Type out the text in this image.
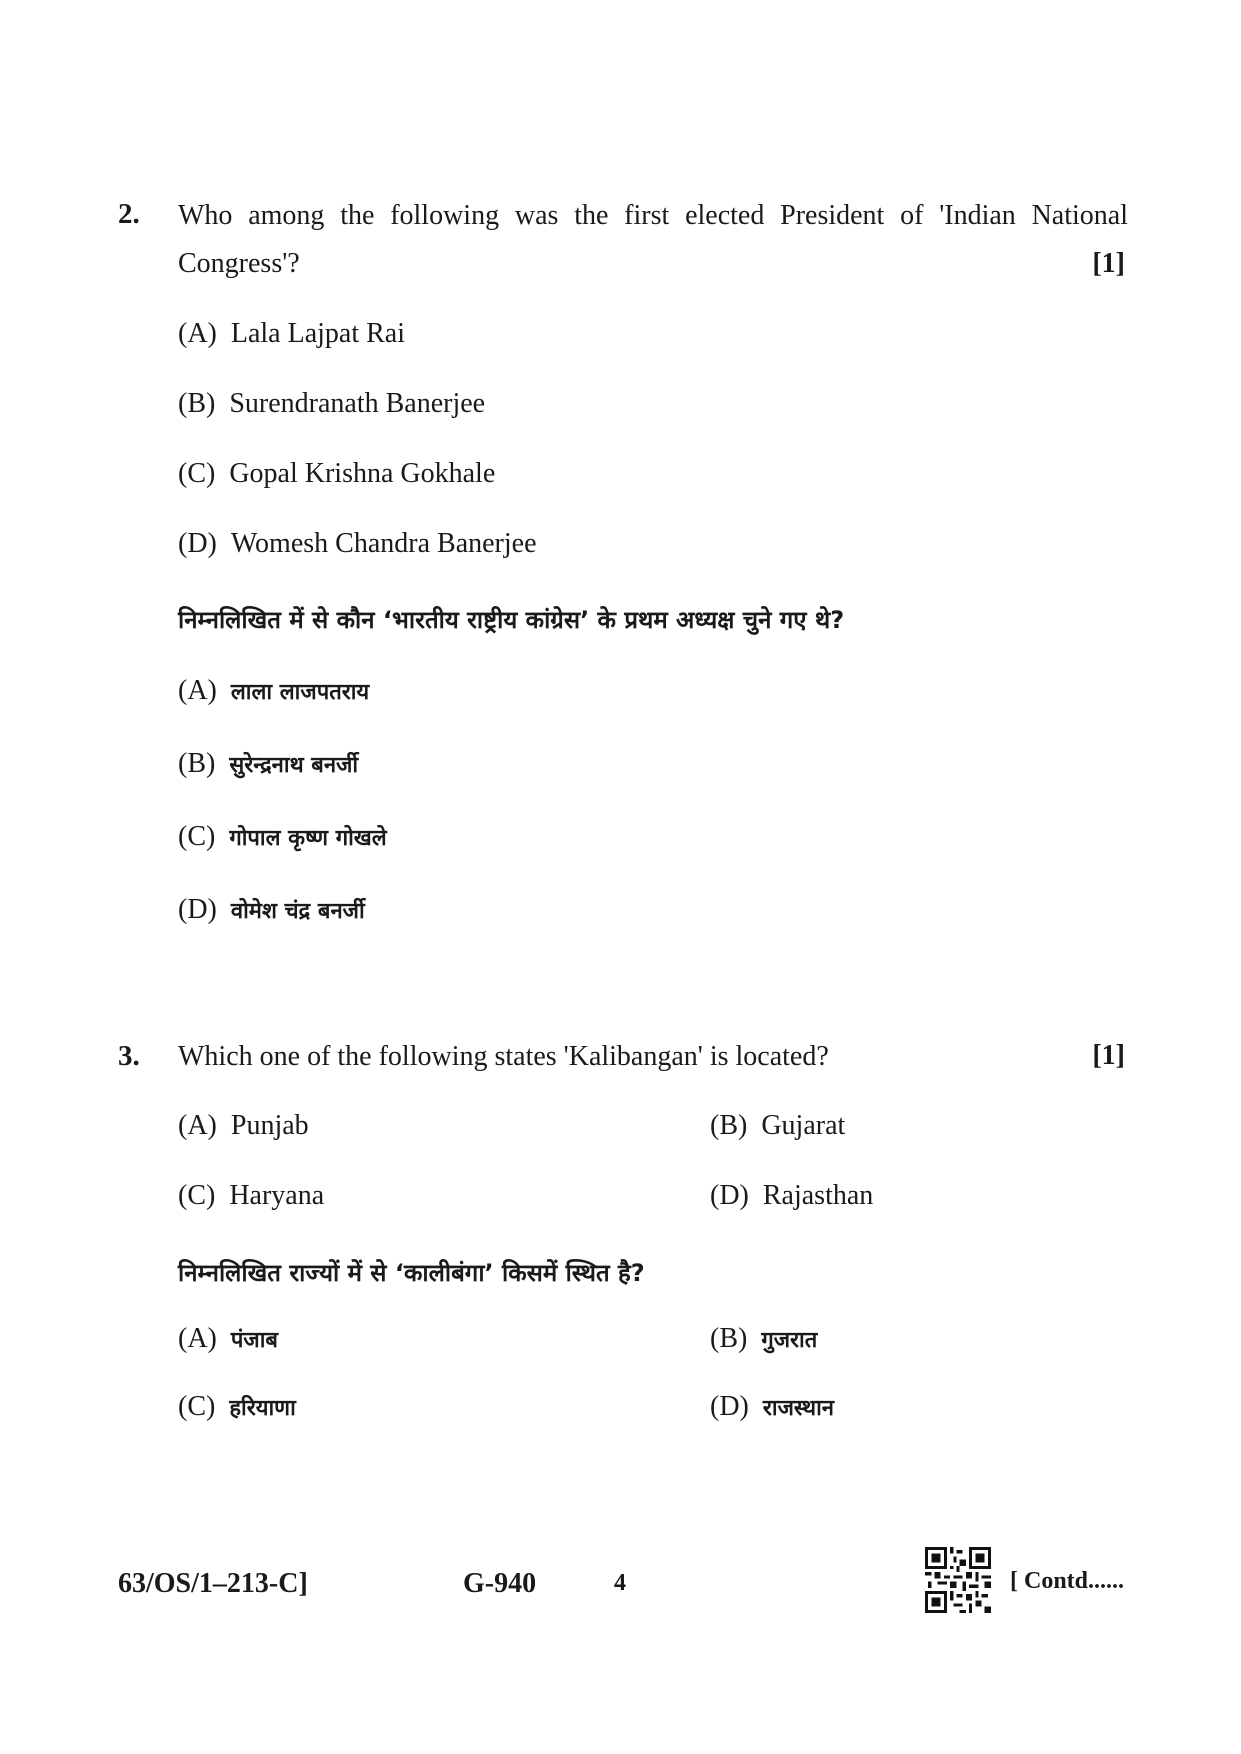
2. Who among the following was the first elected President of 'Indian National
Congress'?	[1]
(A) Lala Lajpat Rai
(B) Surendranath Banerjee
(C) Gopal Krishna Gokhale
(D) Womesh Chandra Banerjee
निम्नलिखित में से कौन ‘भारतीय राष्ट्रीय कांग्रेस’ के प्रथम अध्यक्ष चुने गए थे?
(A) लाला लाजपतराय
(B) सुरेन्द्रनाथ बनर्जी
(C) गोपाल कृष्ण गोखले
(D) वोमेश चंद्र बनर्जी
3. Which one of the following states 'Kalibangan' is located?	[1]
(A) Punjab	(B) Gujarat
(C) Haryana	(D) Rajasthan
निम्नलिखित राज्यों में से ‘कालीबंगा’ किसमें स्थित है?
(A) पंजाब	(B) गुजरात
(C) हरियाणा	(D) राजस्थान
63/OS/1–213-C]	G-940	4	[ Contd......
